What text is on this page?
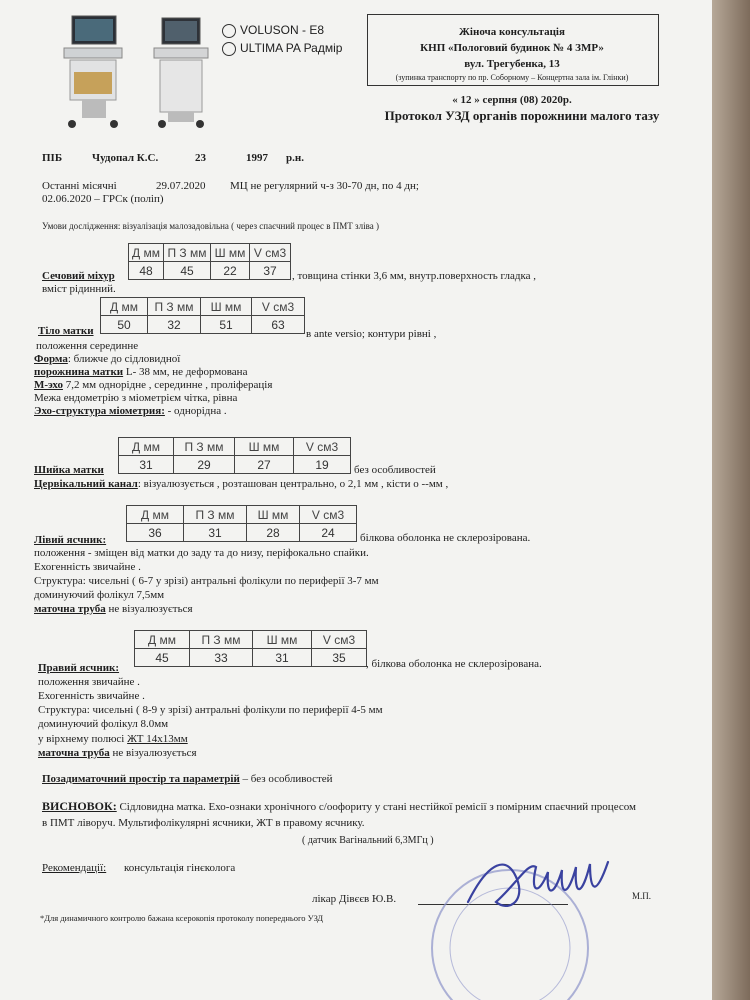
VOLUSON - E8
ULTIMA PA Радмір
Жіноча консультація
КНП «Пологовий будинок № 4 ЗМР»
вул. Трегубенка, 13
(зупинка транспорту по пр. Соборному – Концертна зала ім. Глінки)
« 12 » серпня (08) 2020р.
Протокол УЗД органів порожнини малого тазу
ПІБ	Чудопал К.С.	23	1997 р.н.
Останні місячні	29.07.2020 МЦ не регулярний ч-з 30-70 дн, по 4 дн;
02.06.2020 – ГРСк (поліп)
Умови дослідження: візуалізація малозадовільна ( через спаєчний процес в ПМТ зліва )
Д мм	П З мм	Ш мм	V см3
48	45	22	37
Сечовий міхур	, товщина стінки 3,6 мм, внутр.поверхность гладка ,
вміст рідинний.
Д мм	П З мм	Ш мм	V см3
50	32	51	63
Тіло матки	в ante versio; контури рівні ,
положення серединне
Форма: ближче до сідловидної
порожнина матки L- 38 мм, не деформована
М-эхо 7,2 мм однорідне , серединне , проліферація
Межа ендометрію з міометрієм чітка, рівна
Эхо-структура міометрия: - однорідна .
Д мм	П З мм	Ш мм	V см3
31	29	27	19
Шийка матки	без особливостей
Цервікальний канал: візуалюзується , розташован центрально, о 2,1 мм , кісти о --мм ,
Д мм	П З мм	Ш мм	V см3
36	31	28	24
Лівий ясчник:	білкова оболонка не склерозірована.
положення - зміщен від матки до заду та до низу, періфокально спайки.
Ехогенність звичайне .
Структура: чисельні ( 6-7 у зрізі) антральні фолікули по периферії 3-7 мм
доминуючий фолікул 7,5мм
маточна труба не візуалюзується
Д мм	П З мм	Ш мм	V см3
45	33	31	35
Правий ясчник:	, білкова оболонка не склерозірована.
положення звичайне .
Ехогенність звичайне .
Структура: чисельні ( 8-9 у зрізі) антральні фолікули по периферії 4-5 мм
доминуючий фолікул 8.0мм
у вірхнему полюсі ЖТ 14х13мм
маточна труба не візуалюзується
Позадиматочний простір та параметрій – без особливостей
ВИСНОВОК: Сідловидна матка. Ехо-ознаки хронічного с/оофориту у стані нестійкої ремісії з помірним спаєчний процесом
в ПМТ ліворуч. Мультифолікулярні ясчники, ЖТ в правому ясчнику.
( датчик Вагінальний 6,3МГц )
Рекомендації: консультація гінєколога
лікар Дівєєв Ю.В.	М.П.
*Для динамичного контролю бажана ксерокопія протоколу попереднього УЗД
